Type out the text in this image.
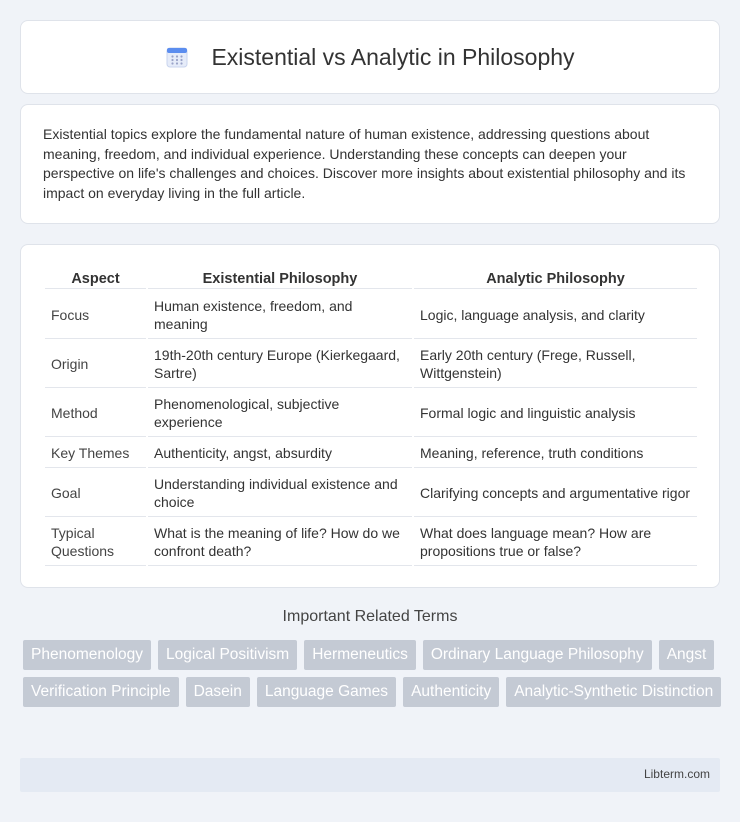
Existential vs Analytic in Philosophy

Existential topics explore the fundamental nature of human existence, addressing questions about meaning, freedom, and individual experience. Understanding these concepts can deepen your perspective on life's challenges and choices. Discover more insights about existential philosophy and its impact on everyday living in the full article.

Aspect	Existential Philosophy	Analytic Philosophy
Focus	Human existence, freedom, and meaning	Logic, language analysis, and clarity
Origin	19th-20th century Europe (Kierkegaard, Sartre)	Early 20th century (Frege, Russell, Wittgenstein)
Method	Phenomenological, subjective experience	Formal logic and linguistic analysis
Key Themes	Authenticity, angst, absurdity	Meaning, reference, truth conditions
Goal	Understanding individual existence and choice	Clarifying concepts and argumentative rigor
Typical Questions	What is the meaning of life? How do we confront death?	What does language mean? How are propositions true or false?
Important Related Terms
Phenomenology	Logical Positivism	Hermeneutics	Ordinary Language Philosophy	Angst
Verification Principle	Dasein	Language Games	Authenticity	Analytic-Synthetic Distinction
Libterm.com
